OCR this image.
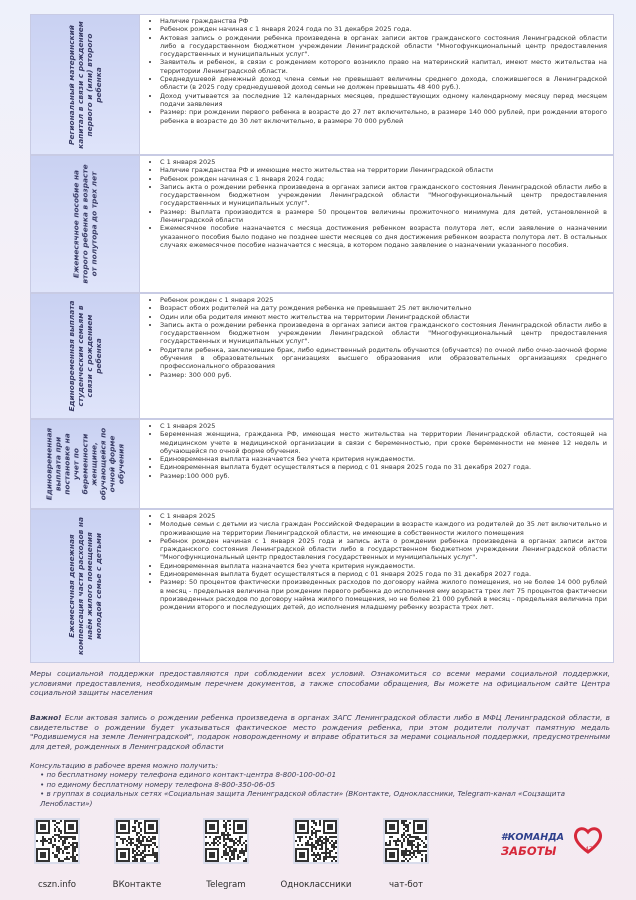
Региональный материнский капитал в связи с рождением первого и (или) второго ребенка
• Наличие гражданства РФ
• Ребенок рожден начиная с 1 января 2024 года по 31 декабря 2025 года.
• Актовая запись о рождении ребенка произведена в органах записи актов гражданского состояния Ленинградской области либо в государственном бюджетном учреждении Ленинградской области "Многофункциональный центр предоставления государственных и муниципальных услуг".
• Заявитель и ребенок, в связи с рождением которого возникло право на материнский капитал, имеют место жительства на территории Ленинградской области.
• Среднедушевой денежный доход члена семьи не превышает величины среднего дохода, сложившегося в Ленинградской области (в 2025 году среднедушевой доход семьи не должен превышать 48 400 руб.).
• Доход учитывается за последние 12 календарных месяцев, предшествующих одному календарному месяцу перед месяцем подачи заявления
• Размер: при рождении первого ребенка в возрасте до 27 лет включительно, в размере 140 000 рублей, при рождении второго ребенка в возрасте до 30 лет включительно, в размере 70 000 рублей
Ежемесячное пособие на второго ребенка в возрасте от полутора до трех лет
• С 1 января 2025
• Наличие гражданства РФ и имеющие место жительства на территории Ленинградской области
• Ребенок рожден начиная с 1 января 2024 года;
• Запись акта о рождении ребенка произведена в органах записи актов гражданского состояния Ленинградской области либо в государственном бюджетном учреждении Ленинградской области "Многофункциональный центр предоставления государственных и муниципальных услуг".
• Размер: Выплата производится в размере 50 процентов величины прожиточного минимума для детей, установленной в Ленинградской области
• Ежемесячное пособие назначается с месяца достижения ребенком возраста полутора лет, если заявление о назначении указанного пособия было подано не позднее шести месяцев со дня достижения ребенком возраста полутора лет. В остальных случаях ежемесячное пособие назначается с месяца, в котором подано заявление о назначении указанного пособия.
Единовременная выплата студенческим семьям в связи с рождением ребенка
• Ребенок рожден с 1 января 2025
• Возраст обоих родителей на дату рождения ребенка не превышает 25 лет включительно
• Один или оба родителя имеют место жительства на территории Ленинградской области
• Запись акта о рождении ребенка произведена в органах записи актов гражданского состояния Ленинградской области либо в государственном бюджетном учреждении Ленинградской области "Многофункциональный центр предоставления государственных и муниципальных услуг".
• Родители ребенка, заключившие брак, либо единственный родитель обучаются (обучается) по очной либо очно-заочной форме обучения в образовательных организациях высшего образования или образовательных организациях среднего профессионального образования
• Размер: 300 000 руб.
Единовременная выплата при постановке на учет по беременности женщине, обучающейся по очной форме обучения
• С 1 января 2025
• Беременная женщина, гражданка РФ, имеющая место жительства на территории Ленинградской области, состоящей на медицинском учете в медицинской организации в связи с беременностью, при сроке беременности не менее 12 недель и обучающейся по очной форме обучения.
• Единовременная выплата назначается без учета критерия нуждаемости.
• Единовременная выплата будет осуществляться в период с 01 января 2025 года по 31 декабря 2027 года.
• Размер:100 000 руб.
Ежемесячная денежная компенсация части расходов на наём жилого помещения молодой семье с детьми
• С 1 января 2025
• Молодые семьи с детьми из числа граждан Российской Федерации в возрасте каждого из родителей до 35 лет включительно и проживающие на территории Ленинградской области, не имеющие в собственности жилого помещения
• Ребенок рожден начиная с 1 января 2025 года и запись акта о рождении ребенка произведена в органах записи актов гражданского состояния Ленинградской области либо в государственном бюджетном учреждении Ленинградской области "Многофункциональный центр предоставления государственных и муниципальных услуг".
• Единовременная выплата назначается без учета критерия нуждаемости.
• Единовременная выплата будет осуществляться в период с 01 января 2025 года по 31 декабря 2027 года.
• Размер: 50 процентов фактически произведенных расходов по договору найма жилого помещения, но не более 14 000 рублей в месяц - предельная величина при рождении первого ребенка до исполнения ему возраста трех лет 75 процентов фактически произведенных расходов по договору найма жилого помещения, но не более 21 000 рублей в месяц - предельная величина при рождении второго и последующих детей, до исполнения младшему ребенку возраста трех лет.
Меры социальной поддержки предоставляются при соблюдении всех условий. Ознакомиться со всеми мерами социальной поддержки, условиями предоставления, необходимым перечнем документов, а также способами обращения, Вы можете на официальном сайте Центра социальной защиты населения
Важно! Если актовая запись о рождении ребенка произведена в органах ЗАГС Ленинградской области либо в МФЦ Ленинградской области, в свидетельстве о рождении будет указываться фактическое место рождения ребенка, при этом родители получат памятную медаль "Родившемуся на земле Ленинградской", подарок новорожденному и вправе обратиться за мерами социальной поддержки, предусмотренными для детей, рожденных в Ленинградской области
Консультацию в рабочее время можно получить:
• по бесплатному номеру телефона единого контакт-центра 8-800-100-00-01
• по единому бесплатному номеру телефона 8-800-350-06-05
• в группах в социальных сетях «Социальная защита Ленинградской области» (ВКонтакте, Одноклассники, Telegram-канал «Соцзащита Ленобласти»)
cszn.info	ВКонтакте	Telegram	Одноклассники	чат-бот
#КОМАНДА
ЗАБОТЫ	47
